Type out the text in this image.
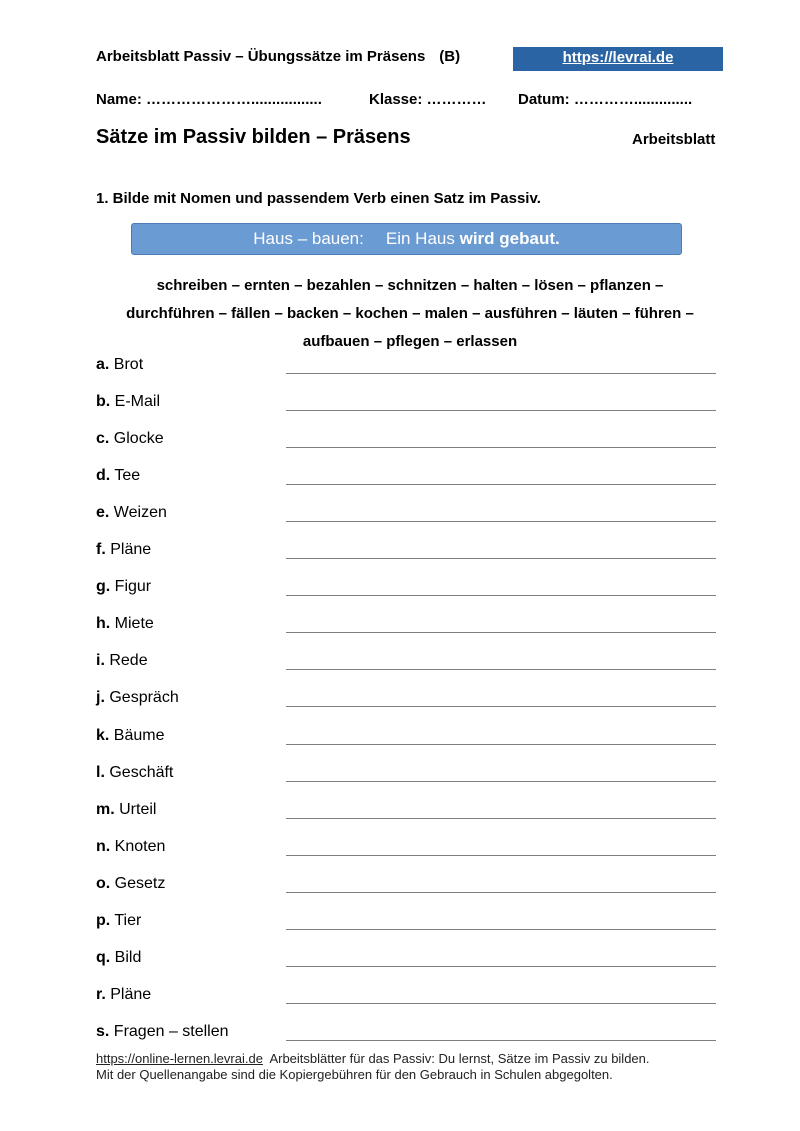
Arbeitsblatt Passiv – Übungssätze im Präsens (B)	https://levrai.de
Name: ………………….................	Klasse: ………… Datum: …………..............
Sätze im Passiv bilden – Präsens	Arbeitsblatt
1. Bilde mit Nomen und passendem Verb einen Satz im Passiv.
Haus – bauen: Ein Haus wird gebaut.
schreiben – ernten – bezahlen – schnitzen – halten – lösen – pflanzen –
durchführen – fällen – backen – kochen – malen – ausführen – läuten – führen –
aufbauen – pflegen – erlassen
a. Brot
b. E-Mail
c. Glocke
d. Tee
e. Weizen
f. Pläne
g. Figur
h. Miete
i. Rede
j. Gespräch
k. Bäume
l. Geschäft
m. Urteil
n. Knoten
o. Gesetz
p. Tier
q. Bild
r. Pläne
s. Fragen – stellen
https://online-lernen.levrai.de Arbeitsblätter für das Passiv: Du lernst, Sätze im Passiv zu bilden.
Mit der Quellenangabe sind die Kopiergebühren für den Gebrauch in Schulen abgegolten.
